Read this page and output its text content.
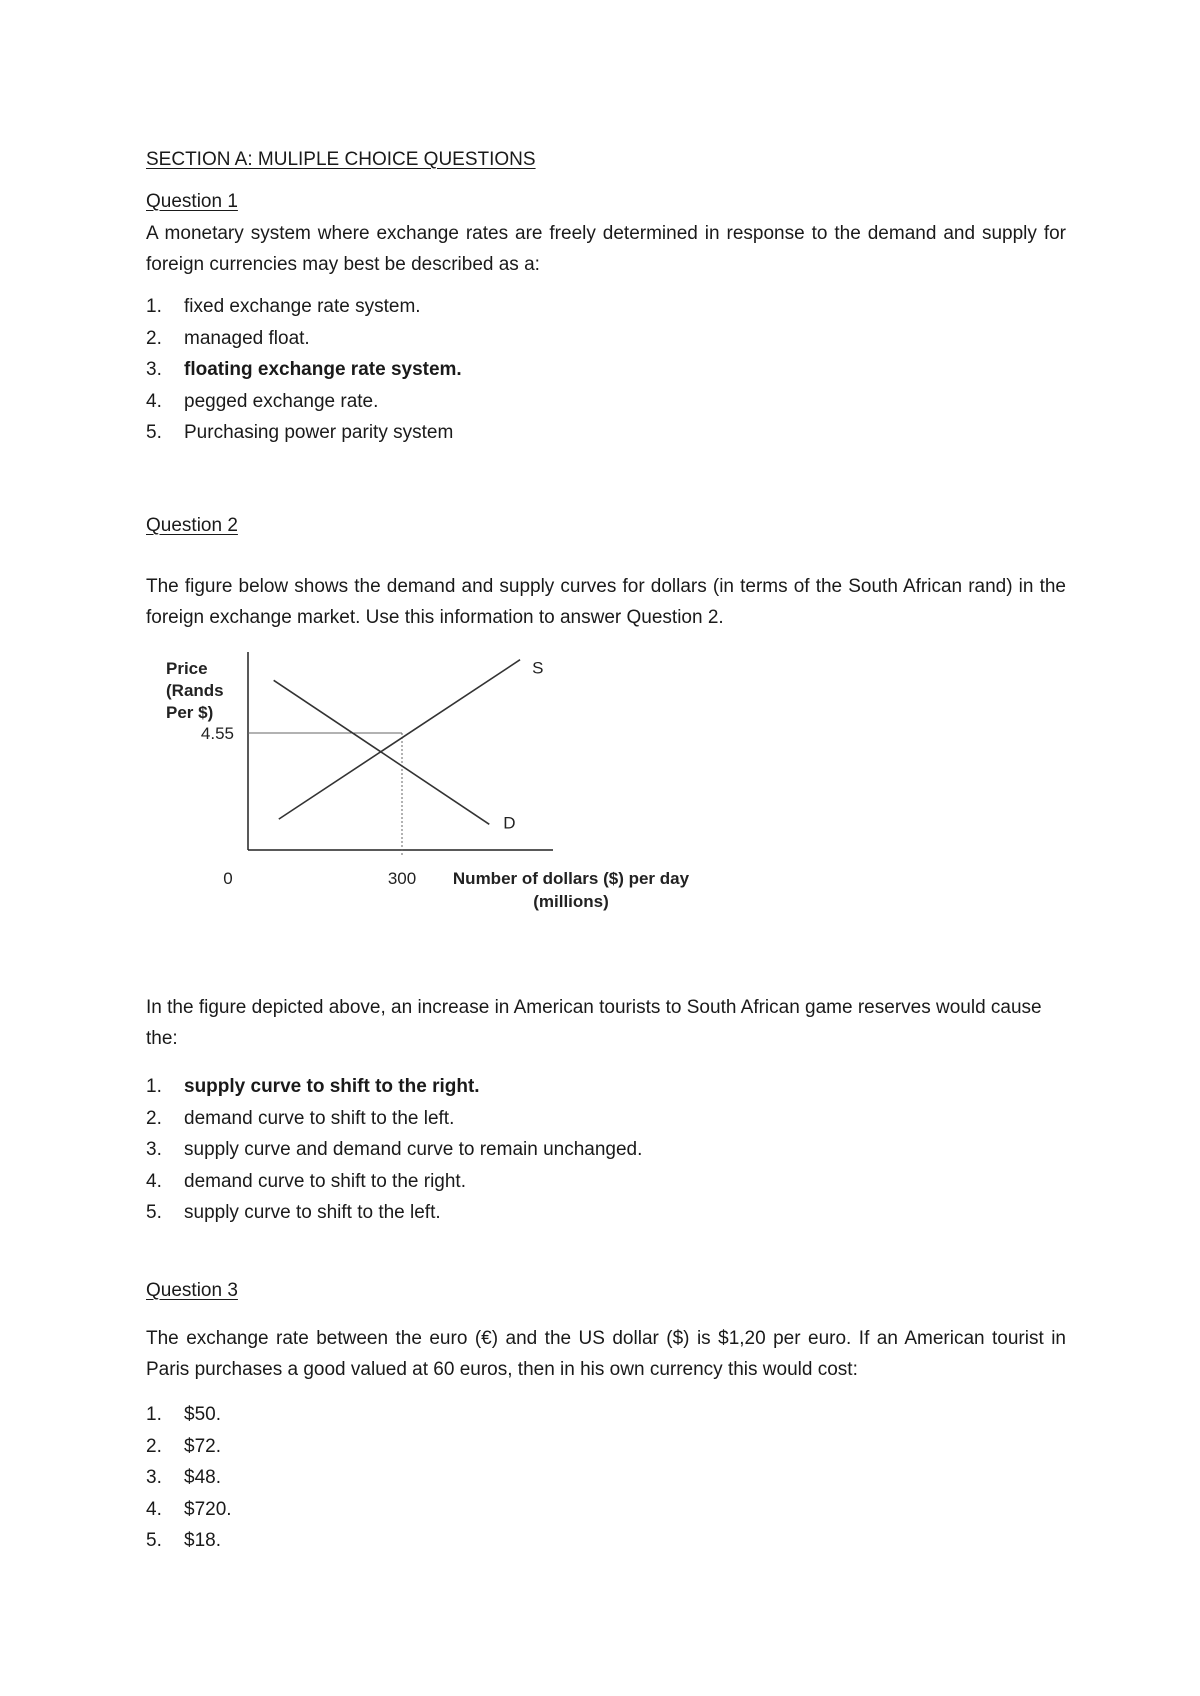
SECTION A: MULIPLE CHOICE QUESTIONS
Question 1
A monetary system where exchange rates are freely determined in response to the demand and supply for foreign currencies may best be described as a:
1. fixed exchange rate system.
2. managed float.
3. floating exchange rate system.
4. pegged exchange rate.
5. Purchasing power parity system
Question 2
The figure below shows the demand and supply curves for dollars (in terms of the South African rand) in the foreign exchange market. Use this information to answer Question 2.
Price
(Rands
Per $)
S
D
4.55
300
0	Number of dollars ($) per day
(millions)
In the figure depicted above, an increase in American tourists to South African game reserves would cause the:
1. supply curve to shift to the right.
2. demand curve to shift to the left.
3. supply curve and demand curve to remain unchanged.
4. demand curve to shift to the right.
5. supply curve to shift to the left.
Question 3
The exchange rate between the euro (€) and the US dollar ($) is $1,20 per euro. If an American tourist in Paris purchases a good valued at 60 euros, then in his own currency this would cost:
1. $50.
2. $72.
3. $48.
4. $720.
5. $18.
